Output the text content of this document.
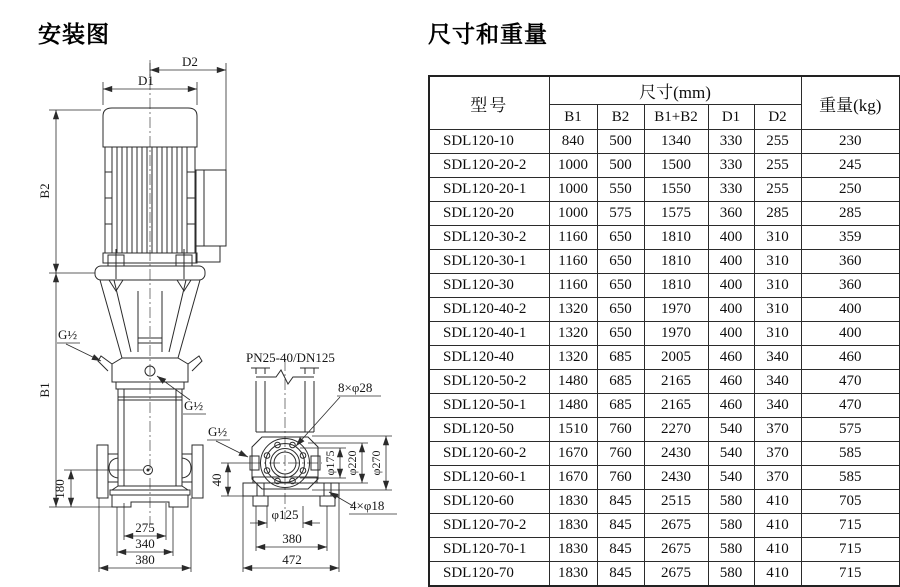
安装图	尺寸和重量
D1
D2
B2
B1
180
275
340
380
G½
G½
PN25-40/DN125
8×φ28
G½
40
φ175 φ220 φ270
4×φ18
φ125
380
472
型号	尺寸(mm)					重量(kg)
	B1	B2	B1+B2	D1	D2	
SDL120-10	840	500	1340	330	255	230
SDL120-20-2	1000	500	1500	330	255	245
SDL120-20-1	1000	550	1550	330	255	250
SDL120-20	1000	575	1575	360	285	285
SDL120-30-2	1160	650	1810	400	310	359
SDL120-30-1	1160	650	1810	400	310	360
SDL120-30	1160	650	1810	400	310	360
SDL120-40-2	1320	650	1970	400	310	400
SDL120-40-1	1320	650	1970	400	310	400
SDL120-40	1320	685	2005	460	340	460
SDL120-50-2	1480	685	2165	460	340	470
SDL120-50-1	1480	685	2165	460	340	470
SDL120-50	1510	760	2270	540	370	575
SDL120-60-2	1670	760	2430	540	370	585
SDL120-60-1	1670	760	2430	540	370	585
SDL120-60	1830	845	2515	580	410	705
SDL120-70-2	1830	845	2675	580	410	715
SDL120-70-1	1830	845	2675	580	410	715
SDL120-70	1830	845	2675	580	410	715
